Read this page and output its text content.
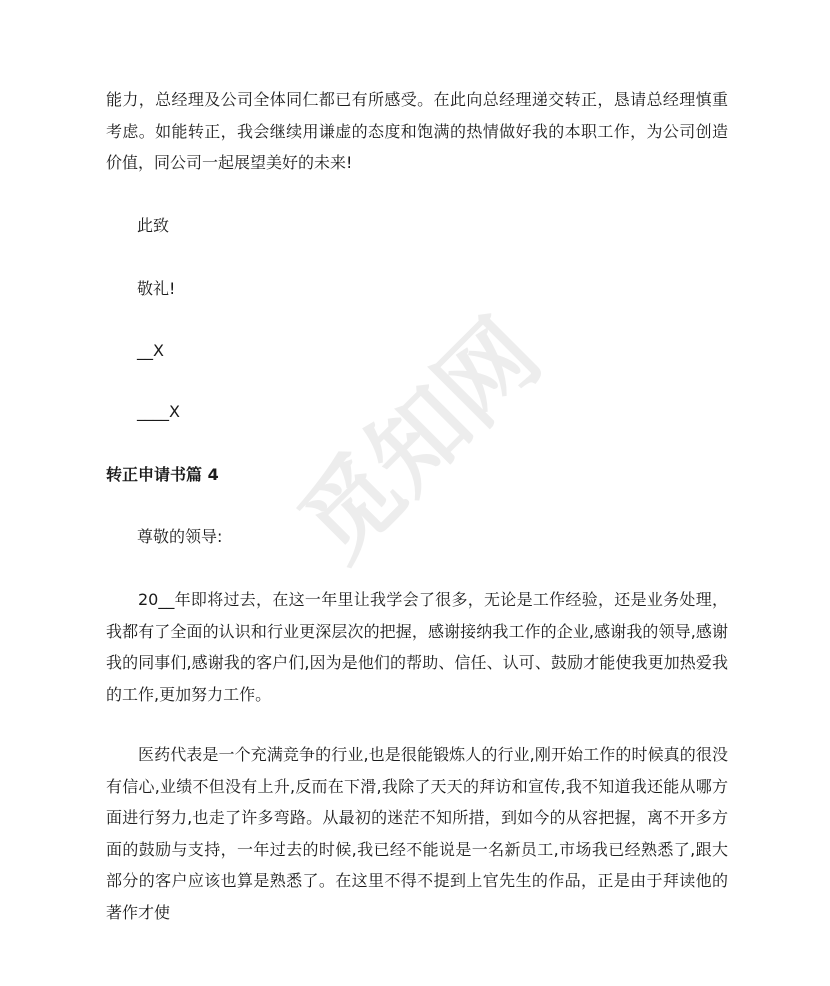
能力，总经理及公司全体同仁都已有所感受。在此向总经理递交转正，恳请总经理慎重考虑。如能转正，我会继续用谦虚的态度和饱满的热情做好我的本职工作，为公司创造价值，同公司一起展望美好的未来!

此致

敬礼!

__X

____X

转正申请书篇 4

尊敬的领导:

20__年即将过去，在这一年里让我学会了很多，无论是工作经验，还是业务处理，我都有了全面的认识和行业更深层次的把握，感谢接纳我工作的企业,感谢我的领导,感谢我的同事们,感谢我的客户们,因为是他们的帮助、信任、认可、鼓励才能使我更加热爱我的工作,更加努力工作。

医药代表是一个充满竞争的行业,也是很能锻炼人的行业,刚开始工作的时候真的很没有信心,业绩不但没有上升,反而在下滑,我除了天天的拜访和宣传,我不知道我还能从哪方面进行努力,也走了许多弯路。从最初的迷茫不知所措，到如今的从容把握，离不开多方面的鼓励与支持，一年过去的时候,我已经不能说是一名新员工,市场我已经熟悉了,跟大部分的客户应该也算是熟悉了。在这里不得不提到上官先生的作品，正是由于拜读他的著作才使

觅知网
